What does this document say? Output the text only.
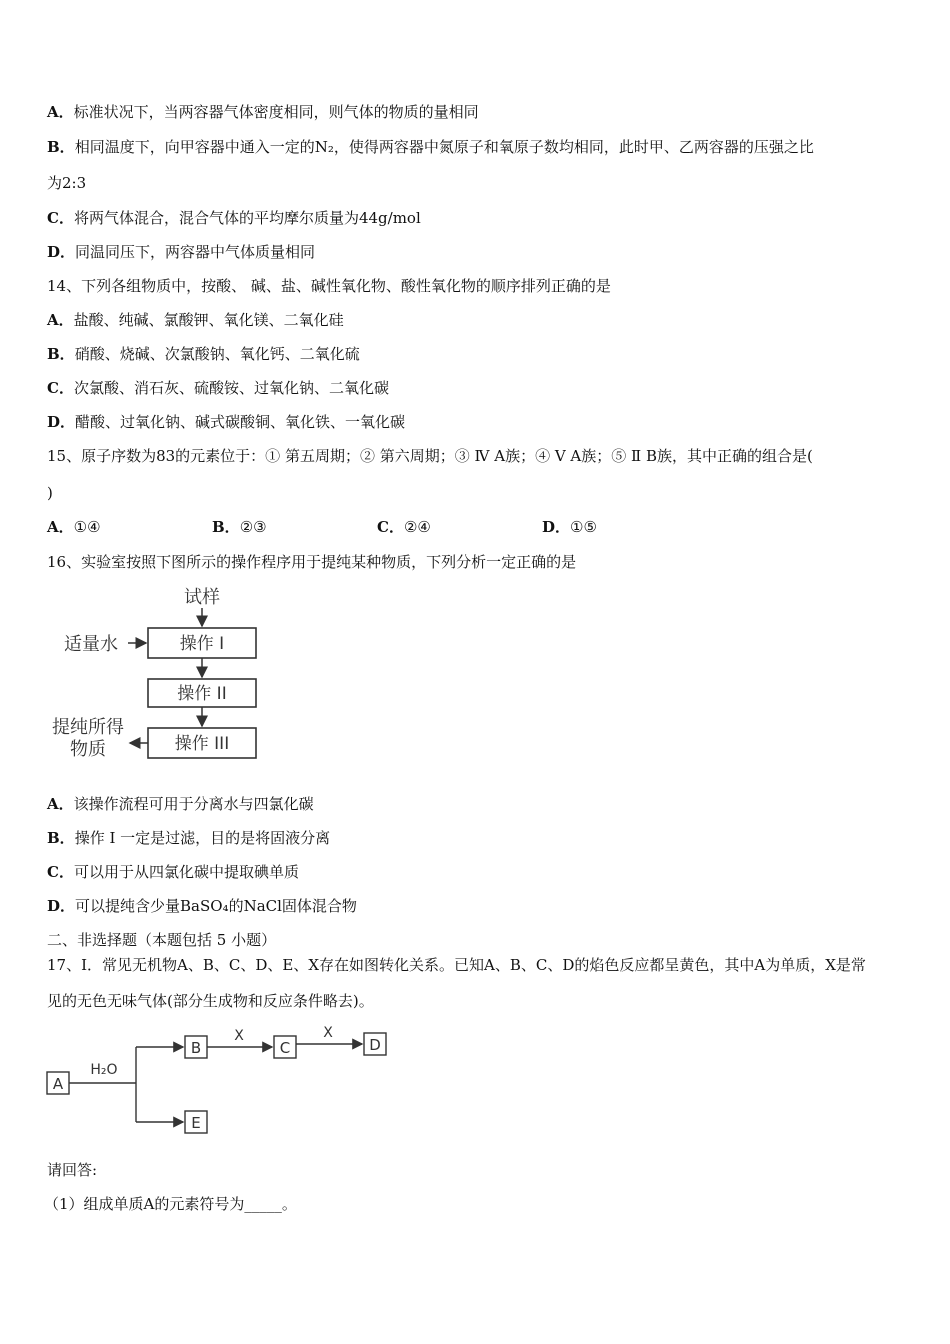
A．标准状况下，当两容器气体密度相同，则气体的物质的量相同
B．相同温度下，向甲容器中通入一定的N₂，使得两容器中氮原子和氧原子数均相同，此时甲、乙两容器的压强之比
为2:3
C．将两气体混合，混合气体的平均摩尔质量为44g/mol
D．同温同压下，两容器中气体质量相同
14、下列各组物质中，按酸、 碱、盐、碱性氧化物、酸性氧化物的顺序排列正确的是
A．盐酸、纯碱、氯酸钾、氧化镁、二氧化硅
B．硝酸、烧碱、次氯酸钠、氧化钙、二氧化硫
C．次氯酸、消石灰、硫酸铵、过氧化钠、二氧化碳
D．醋酸、过氧化钠、碱式碳酸铜、氧化铁、一氧化碳
15、原子序数为83的元素位于：① 第五周期；② 第六周期；③ Ⅳ A族；④ Ⅴ A族；⑤ Ⅱ B族，其中正确的组合是(
)
A．①④	B．②③	C．②④	D．①⑤
16、实验室按照下图所示的操作程序用于提纯某种物质，下列分析一定正确的是
试样
操作 I
适量水
操作 II
操作 III
提纯所得
物质
A．该操作流程可用于分离水与四氯化碳
B．操作 I 一定是过滤，目的是将固液分离
C．可以用于从四氯化碳中提取碘单质
D．可以提纯含少量BaSO₄的NaCl固体混合物
二、非选择题（本题包括 5 小题）
17、I．常见无机物A、B、C、D、E、X存在如图转化关系。已知A、B、C、D的焰色反应都呈黄色，其中A为单质，X是常
见的无色无味气体(部分生成物和反应条件略去)。
A
H₂O
B
E
X
C
X
D
请回答:
（1）组成单质A的元素符号为_____。
